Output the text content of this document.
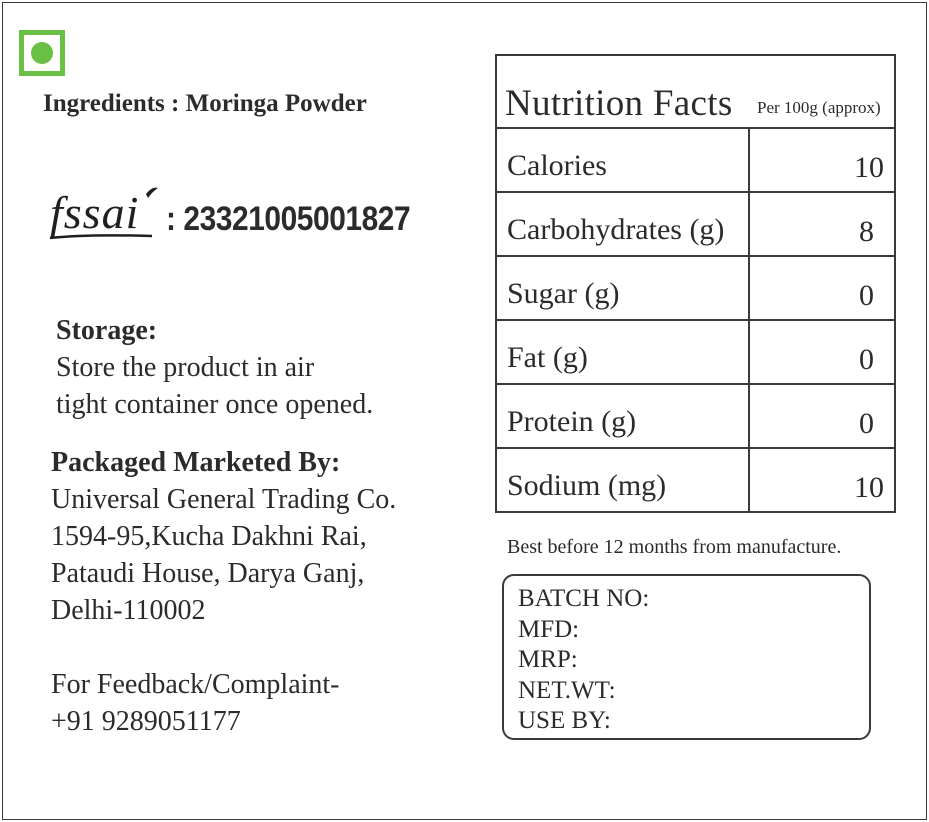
Ingredients : Moringa Powder
fssai : 23321005001827
Storage:
Store the product in air
tight container once opened.
Packaged Marketed By:
Universal General Trading Co.
1594-95,Kucha Dakhni Rai,
Pataudi House, Darya Ganj,
Delhi-110002
For Feedback/Complaint-
+91 9289051177
Nutrition Facts Per 100g (approx)
Calories	10
Carbohydrates (g)	8
Sugar (g)	0
Fat (g)	0
Protein (g)	0
Sodium (mg)	10
Best before 12 months from manufacture.
BATCH NO:
MFD:
MRP:
NET.WT:
USE BY:
